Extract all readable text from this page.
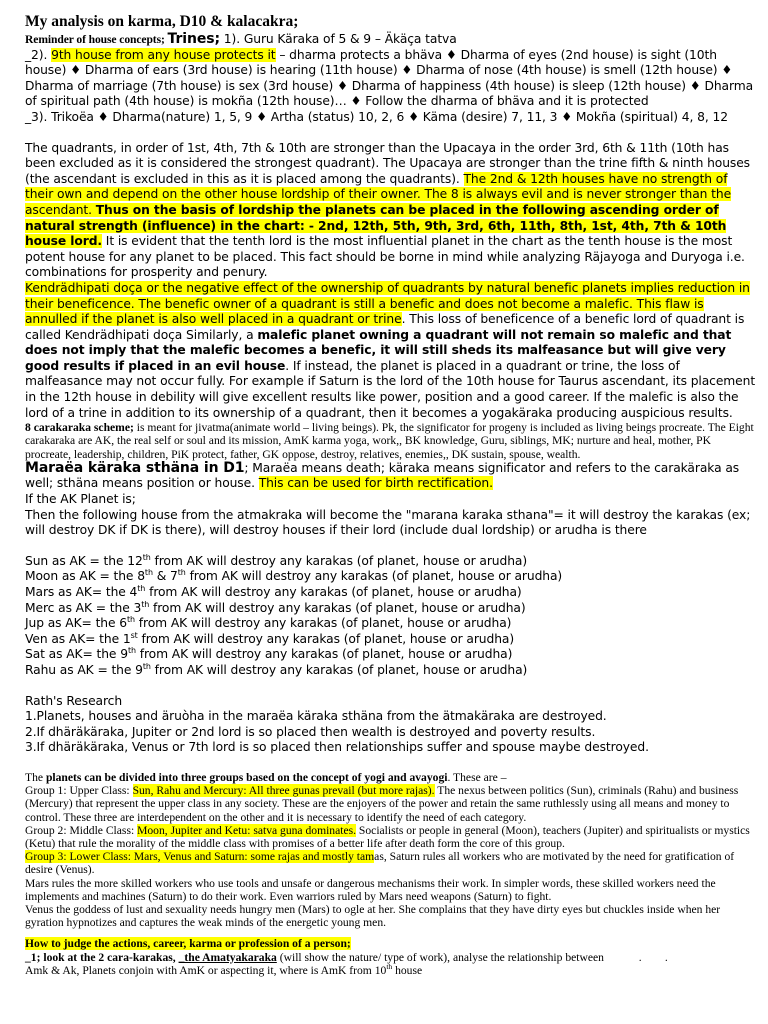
My analysis on karma, D10 & kalacakra;

Reminder of house concepts; Trines; 1). Guru Käraka of 5 & 9 – Äkäça tatva

_2). 9th house from any house protects it – dharma protects a bhäva ♦ Dharma of eyes (2nd house) is sight (10th house) ♦ Dharma of ears (3rd house) is hearing (11th house) ♦ Dharma of nose (4th house) is smell (12th house) ♦ Dharma of marriage (7th house) is sex (3rd house) ♦ Dharma of happiness (4th house) is sleep (12th house) ♦ Dharma of spiritual path (4th house) is mokña (12th house)… ♦ Follow the dharma of bhäva and it is protected

_3). Trikoëa ♦ Dharma(nature) 1, 5, 9 ♦ Artha (status) 10, 2, 6 ♦ Käma (desire) 7, 11, 3 ♦ Mokña (spiritual) 4, 8, 12

The quadrants, in order of 1st, 4th, 7th & 10th are stronger than the Upacaya in the order 3rd, 6th & 11th (10th has been excluded as it is considered the strongest quadrant). The Upacaya are stronger than the trine fifth & ninth houses (the ascendant is excluded in this as it is placed among the quadrants). The 2nd & 12th houses have no strength of their own and depend on the other house lordship of their owner. The 8 is always evil and is never stronger than the ascendant. Thus on the basis of lordship the planets can be placed in the following ascending order of natural strength (influence) in the chart: - 2nd, 12th, 5th, 9th, 3rd, 6th, 11th, 8th, 1st, 4th, 7th & 10th house lord. It is evident that the tenth lord is the most influential planet in the chart as the tenth house is the most potent house for any planet to be placed. This fact should be borne in mind while analyzing Räjayoga and Duryoga i.e. combinations for prosperity and penury.

Kendrädhipati doça or the negative effect of the ownership of quadrants by natural benefic planets implies reduction in their beneficence. The benefic owner of a quadrant is still a benefic and does not become a malefic. This flaw is annulled if the planet is also well placed in a quadrant or trine. This loss of beneficence of a benefic lord of quadrant is called Kendrädhipati doça Similarly, a malefic planet owning a quadrant will not remain so malefic and that does not imply that the malefic becomes a benefic, it will still sheds its malfeasance but will give very good results if placed in an evil house. If instead, the planet is placed in a quadrant or trine, the loss of malfeasance may not occur fully. For example if Saturn is the lord of the 10th house for Taurus ascendant, its placement in the 12th house in debility will give excellent results like power, position and a good career. If the malefic is also the lord of a trine in addition to its ownership of a quadrant, then it becomes a yogakäraka producing auspicious results.

8 carakaraka scheme; is meant for jivatma(animate world – living beings). Pk, the significator for progeny is included as living beings procreate. The Eight carakaraka are AK, the real self or soul and its mission, AmK karma yoga, work,, BK knowledge, Guru, siblings, MK; nurture and heal, mother, PK procreate, leadership, children, PiK protect, father, GK oppose, destroy, relatives, enemies,, DK sustain, spouse, wealth.

Maraëa käraka sthäna in D1; Maraëa means death; käraka means significator and refers to the carakäraka as well; sthäna means position or house. This can be used for birth rectification.

If the AK Planet is;

Then the following house from the atmakraka will become the "marana karaka sthana"= it will destroy the karakas (ex; will destroy DK if DK is there), will destroy houses if their lord (include dual lordship) or arudha is there

Sun as AK = the 12th from AK will destroy any karakas (of planet, house or arudha)

Moon as AK = the 8th & 7th from AK will destroy any karakas (of planet, house or arudha)

Mars as AK= the 4th from AK will destroy any karakas (of planet, house or arudha)

Merc as AK = the 3th from AK will destroy any karakas (of planet, house or arudha)

Jup as AK= the 6th from AK will destroy any karakas (of planet, house or arudha)

Ven as AK= the 1st from AK will destroy any karakas (of planet, house or arudha)

Sat as AK= the 9th from AK will destroy any karakas (of planet, house or arudha)

Rahu as AK = the 9th from AK will destroy any karakas (of planet, house or arudha)

Rath's Research

1.Planets, houses and äruòha in the maraëa käraka sthäna from the ätmakäraka are destroyed.

2.If dhäräkäraka, Jupiter or 2nd lord is so placed then wealth is destroyed and poverty results.

3.If dhäräkäraka, Venus or 7th lord is so placed then relationships suffer and spouse maybe destroyed.

The planets can be divided into three groups based on the concept of yogi and avayogi. These are –

Group 1: Upper Class: Sun, Rahu and Mercury: All three gunas prevail (but more rajas). The nexus between politics (Sun), criminals (Rahu) and business (Mercury) that represent the upper class in any society. These are the enjoyers of the power and retain the same ruthlessly using all means and money to control. These three are interdependent on the other and it is necessary to identify the need of each category.

Group 2: Middle Class: Moon, Jupiter and Ketu: satva guna dominates. Socialists or people in general (Moon), teachers (Jupiter) and spiritualists or mystics (Ketu) that rule the morality of the middle class with promises of a better life after death form the core of this group.

Group 3: Lower Class: Mars, Venus and Saturn: some rajas and mostly tamas, Saturn rules all workers who are motivated by the need for gratification of desire (Venus).

Mars rules the more skilled workers who use tools and unsafe or dangerous mechanisms their work. In simpler words, these skilled workers need the implements and machines (Saturn) to do their work. Even warriors ruled by Mars need weapons (Saturn) to fight.

Venus the goddess of lust and sexuality needs hungry men (Mars) to ogle at her. She complains that they have dirty eyes but chuckles inside when her gyration hypnotizes and captures the weak minds of the energetic young men.

How to judge the actions, career, karma or profession of a person;

_1; look at the 2 cara-karakas, _the Amatyakaraka (will show the nature/ type of work), analyse the relationship between            .        .

Amk & Ak, Planets conjoin with AmK or aspecting it, where is AmK from 10th house
